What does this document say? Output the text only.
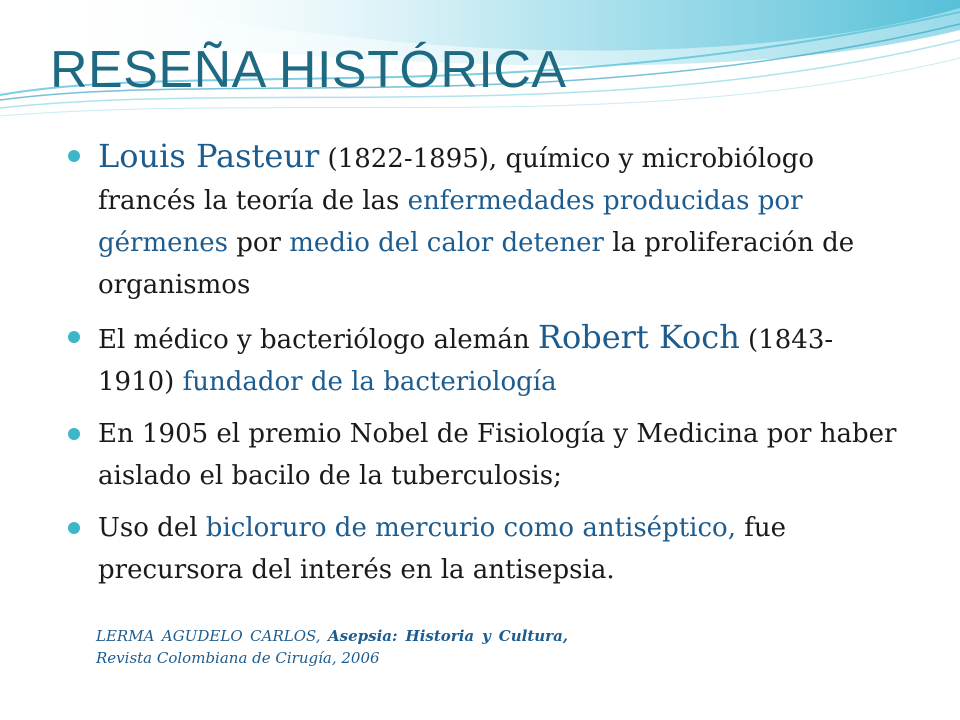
RESEÑA HISTÓRICA
Louis Pasteur (1822-1895), químico y microbiólogo francés la teoría de las enfermedades producidas por gérmenes por medio del calor detener la proliferación de organismos
El médico y bacteriólogo alemán Robert Koch (1843-1910) fundador de la bacteriología
En 1905 el premio Nobel de Fisiología y Medicina por haber aislado el bacilo de la tuberculosis;
Uso del bicloruro de mercurio como antiséptico, fue precursora del interés en la antisepsia.
LERMA AGUDELO CARLOS, Asepsia: Historia y Cultura, Revista Colombiana de Cirugía, 2006
